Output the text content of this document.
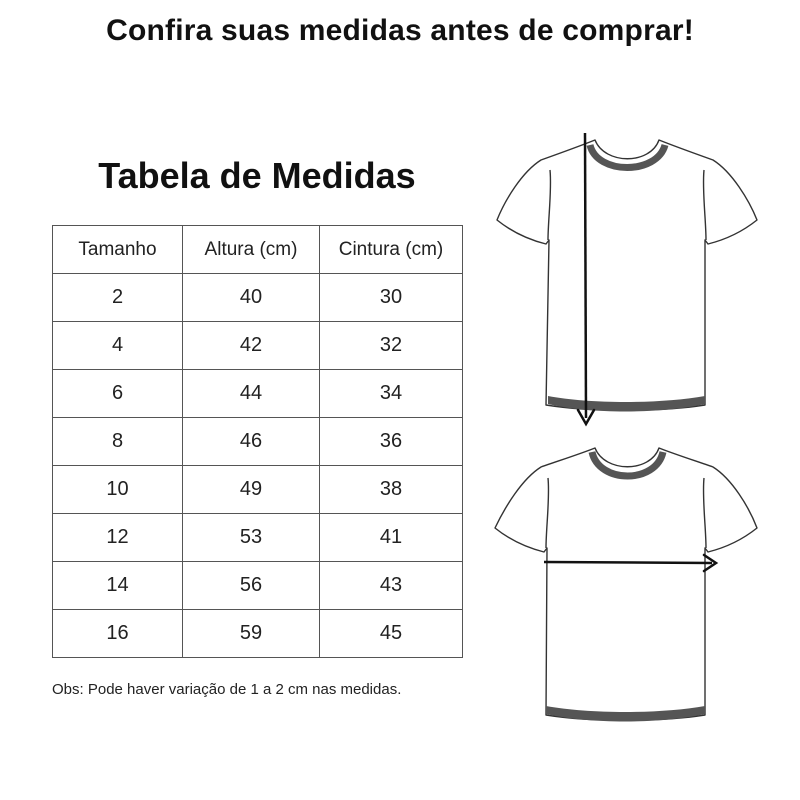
Confira suas medidas antes de comprar!
Tabela de Medidas
Tamanho	Altura (cm)	Cintura (cm)
2	40	30
4	42	32
6	44	34
8	46	36
10	49	38
12	53	41
14	56	43
16	59	45
Obs: Pode haver variação de 1 a 2 cm nas medidas.
